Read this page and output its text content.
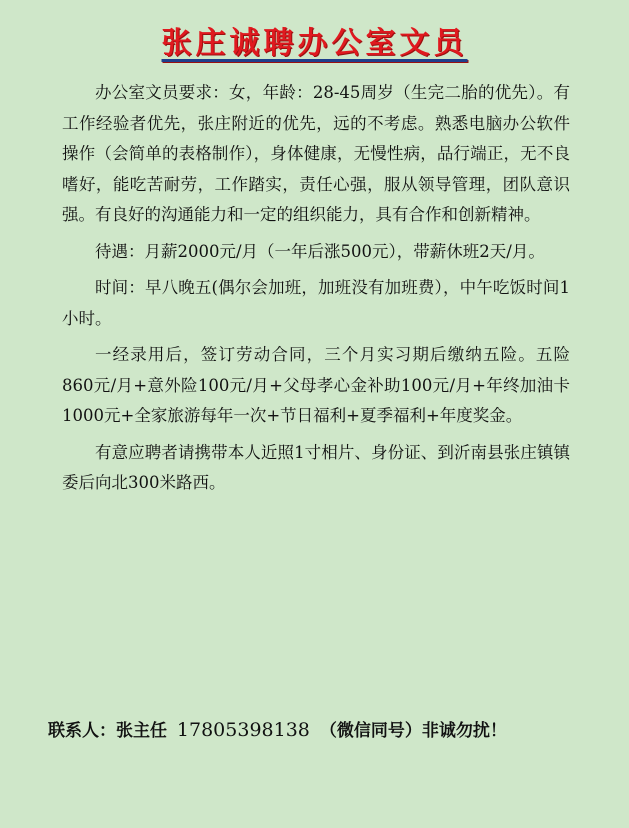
张庄诚聘办公室文员

办公室文员要求：女，年龄：28-45周岁（生完二胎的优先）。有工作经验者优先，张庄附近的优先，远的不考虑。熟悉电脑办公软件操作（会简单的表格制作），身体健康，无慢性病，品行端正，无不良嗜好，能吃苦耐劳，工作踏实，责任心强，服从领导管理，团队意识强。有良好的沟通能力和一定的组织能力，具有合作和创新精神。

待遇：月薪2000元/月（一年后涨500元），带薪休班2天/月。

时间：早八晚五(偶尔会加班，加班没有加班费），中午吃饭时间1小时。

一经录用后，签订劳动合同，三个月实习期后缴纳五险。五险860元/月+意外险100元/月+父母孝心金补助100元/月+年终加油卡1000元+全家旅游每年一次+节日福利+夏季福利+年度奖金。

有意应聘者请携带本人近照1寸相片、身份证、到沂南县张庄镇镇委后向北300米路西。

联系人：张主任 17805398138 （微信同号）非诚勿扰！
